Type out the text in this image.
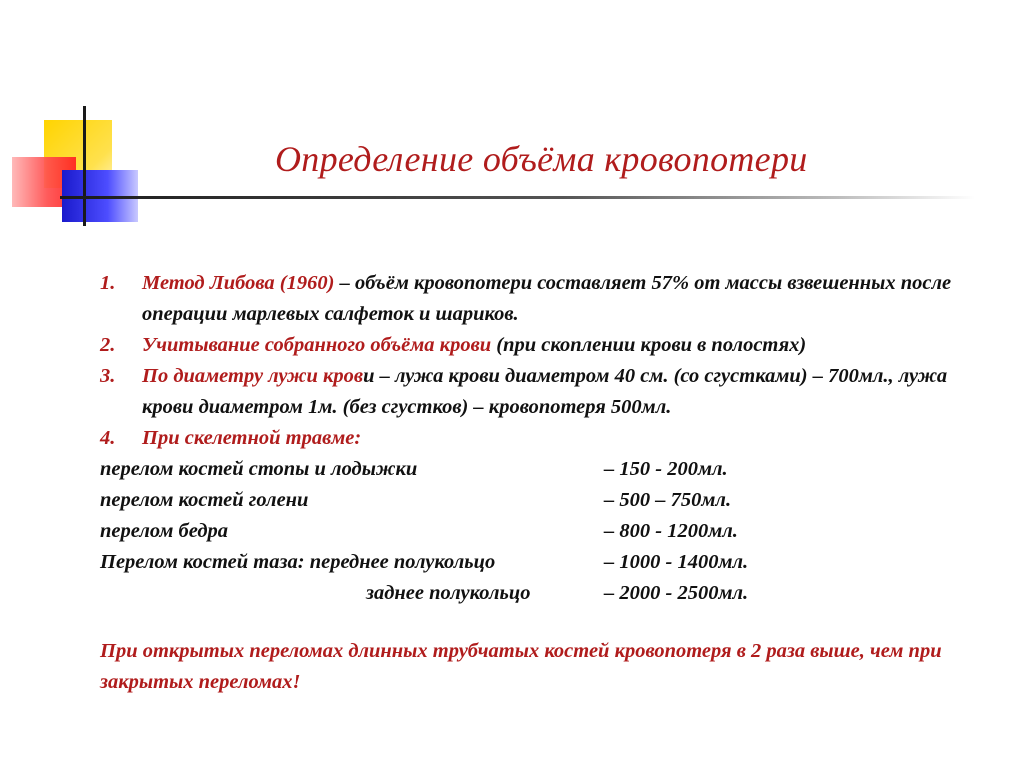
Определение объёма кровопотери
1.	Метод Либова (1960) – объём кровопотери составляет 57% от массы взвешенных после операции марлевых салфеток и шариков.
2.	Учитывание собранного объёма крови (при скоплении крови в полостях)
3.	По диаметру лужи крови – лужа крови диаметром 40 см. (со сгустками) – 700мл., лужа крови диаметром 1м. (без сгустков) – кровопотеря 500мл.
4.	При скелетной травме:
перелом костей стопы и лодыжки	– 150 - 200мл.
перелом костей голени	– 500 – 750мл.
перелом бедра	– 800 - 1200мл.
Перелом костей таза: переднее полукольцо	– 1000 - 1400мл.
заднее полукольцо	– 2000 - 2500мл.
При открытых переломах длинных трубчатых костей кровопотеря в 2 раза выше, чем при закрытых переломах!
